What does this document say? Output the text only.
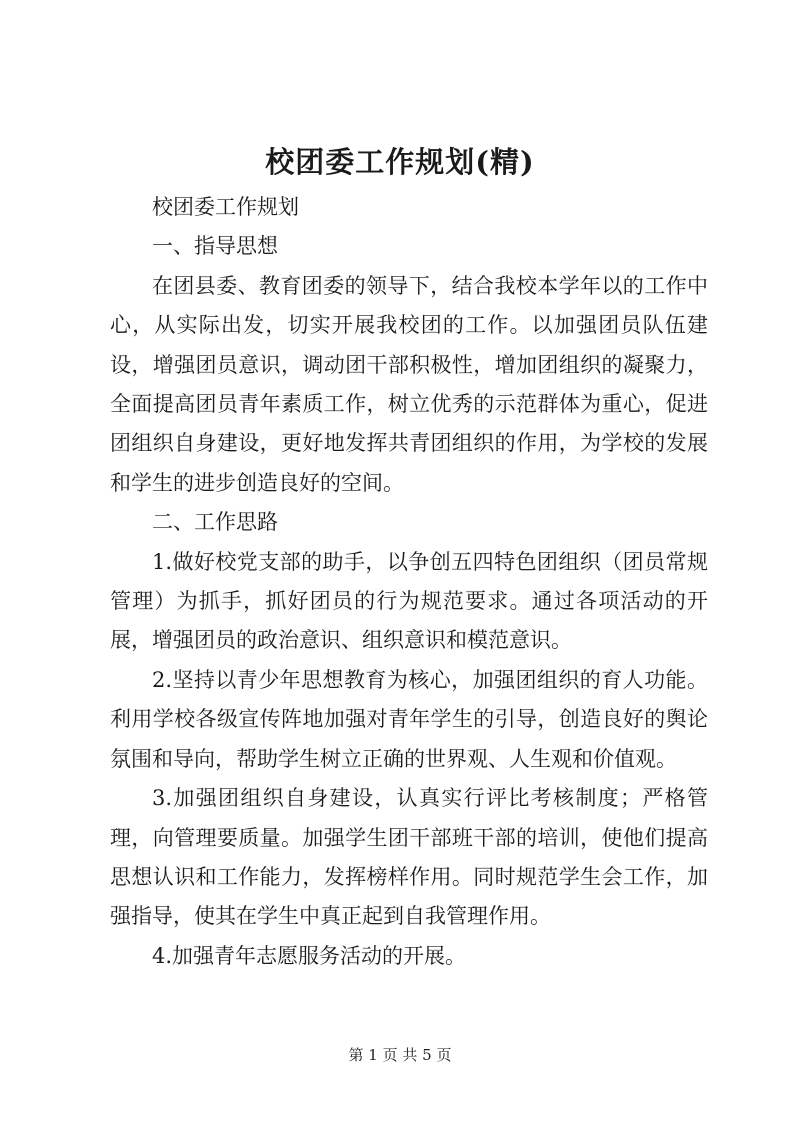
校团委工作规划(精)

校团委工作规划

一、指导思想

在团县委、教育团委的领导下，结合我校本学年以的工作中心，从实际出发，切实开展我校团的工作。以加强团员队伍建设，增强团员意识，调动团干部积极性，增加团组织的凝聚力，全面提高团员青年素质工作，树立优秀的示范群体为重心，促进团组织自身建设，更好地发挥共青团组织的作用，为学校的发展和学生的进步创造良好的空间。

二、工作思路

1.做好校党支部的助手，以争创五四特色团组织（团员常规管理）为抓手，抓好团员的行为规范要求。通过各项活动的开展，增强团员的政治意识、组织意识和模范意识。

2.坚持以青少年思想教育为核心，加强团组织的育人功能。利用学校各级宣传阵地加强对青年学生的引导，创造良好的舆论氛围和导向，帮助学生树立正确的世界观、人生观和价值观。

3.加强团组织自身建设，认真实行评比考核制度；严格管理，向管理要质量。加强学生团干部班干部的培训，使他们提高思想认识和工作能力，发挥榜样作用。同时规范学生会工作，加强指导，使其在学生中真正起到自我管理作用。

4.加强青年志愿服务活动的开展。

第 1 页 共 5 页
